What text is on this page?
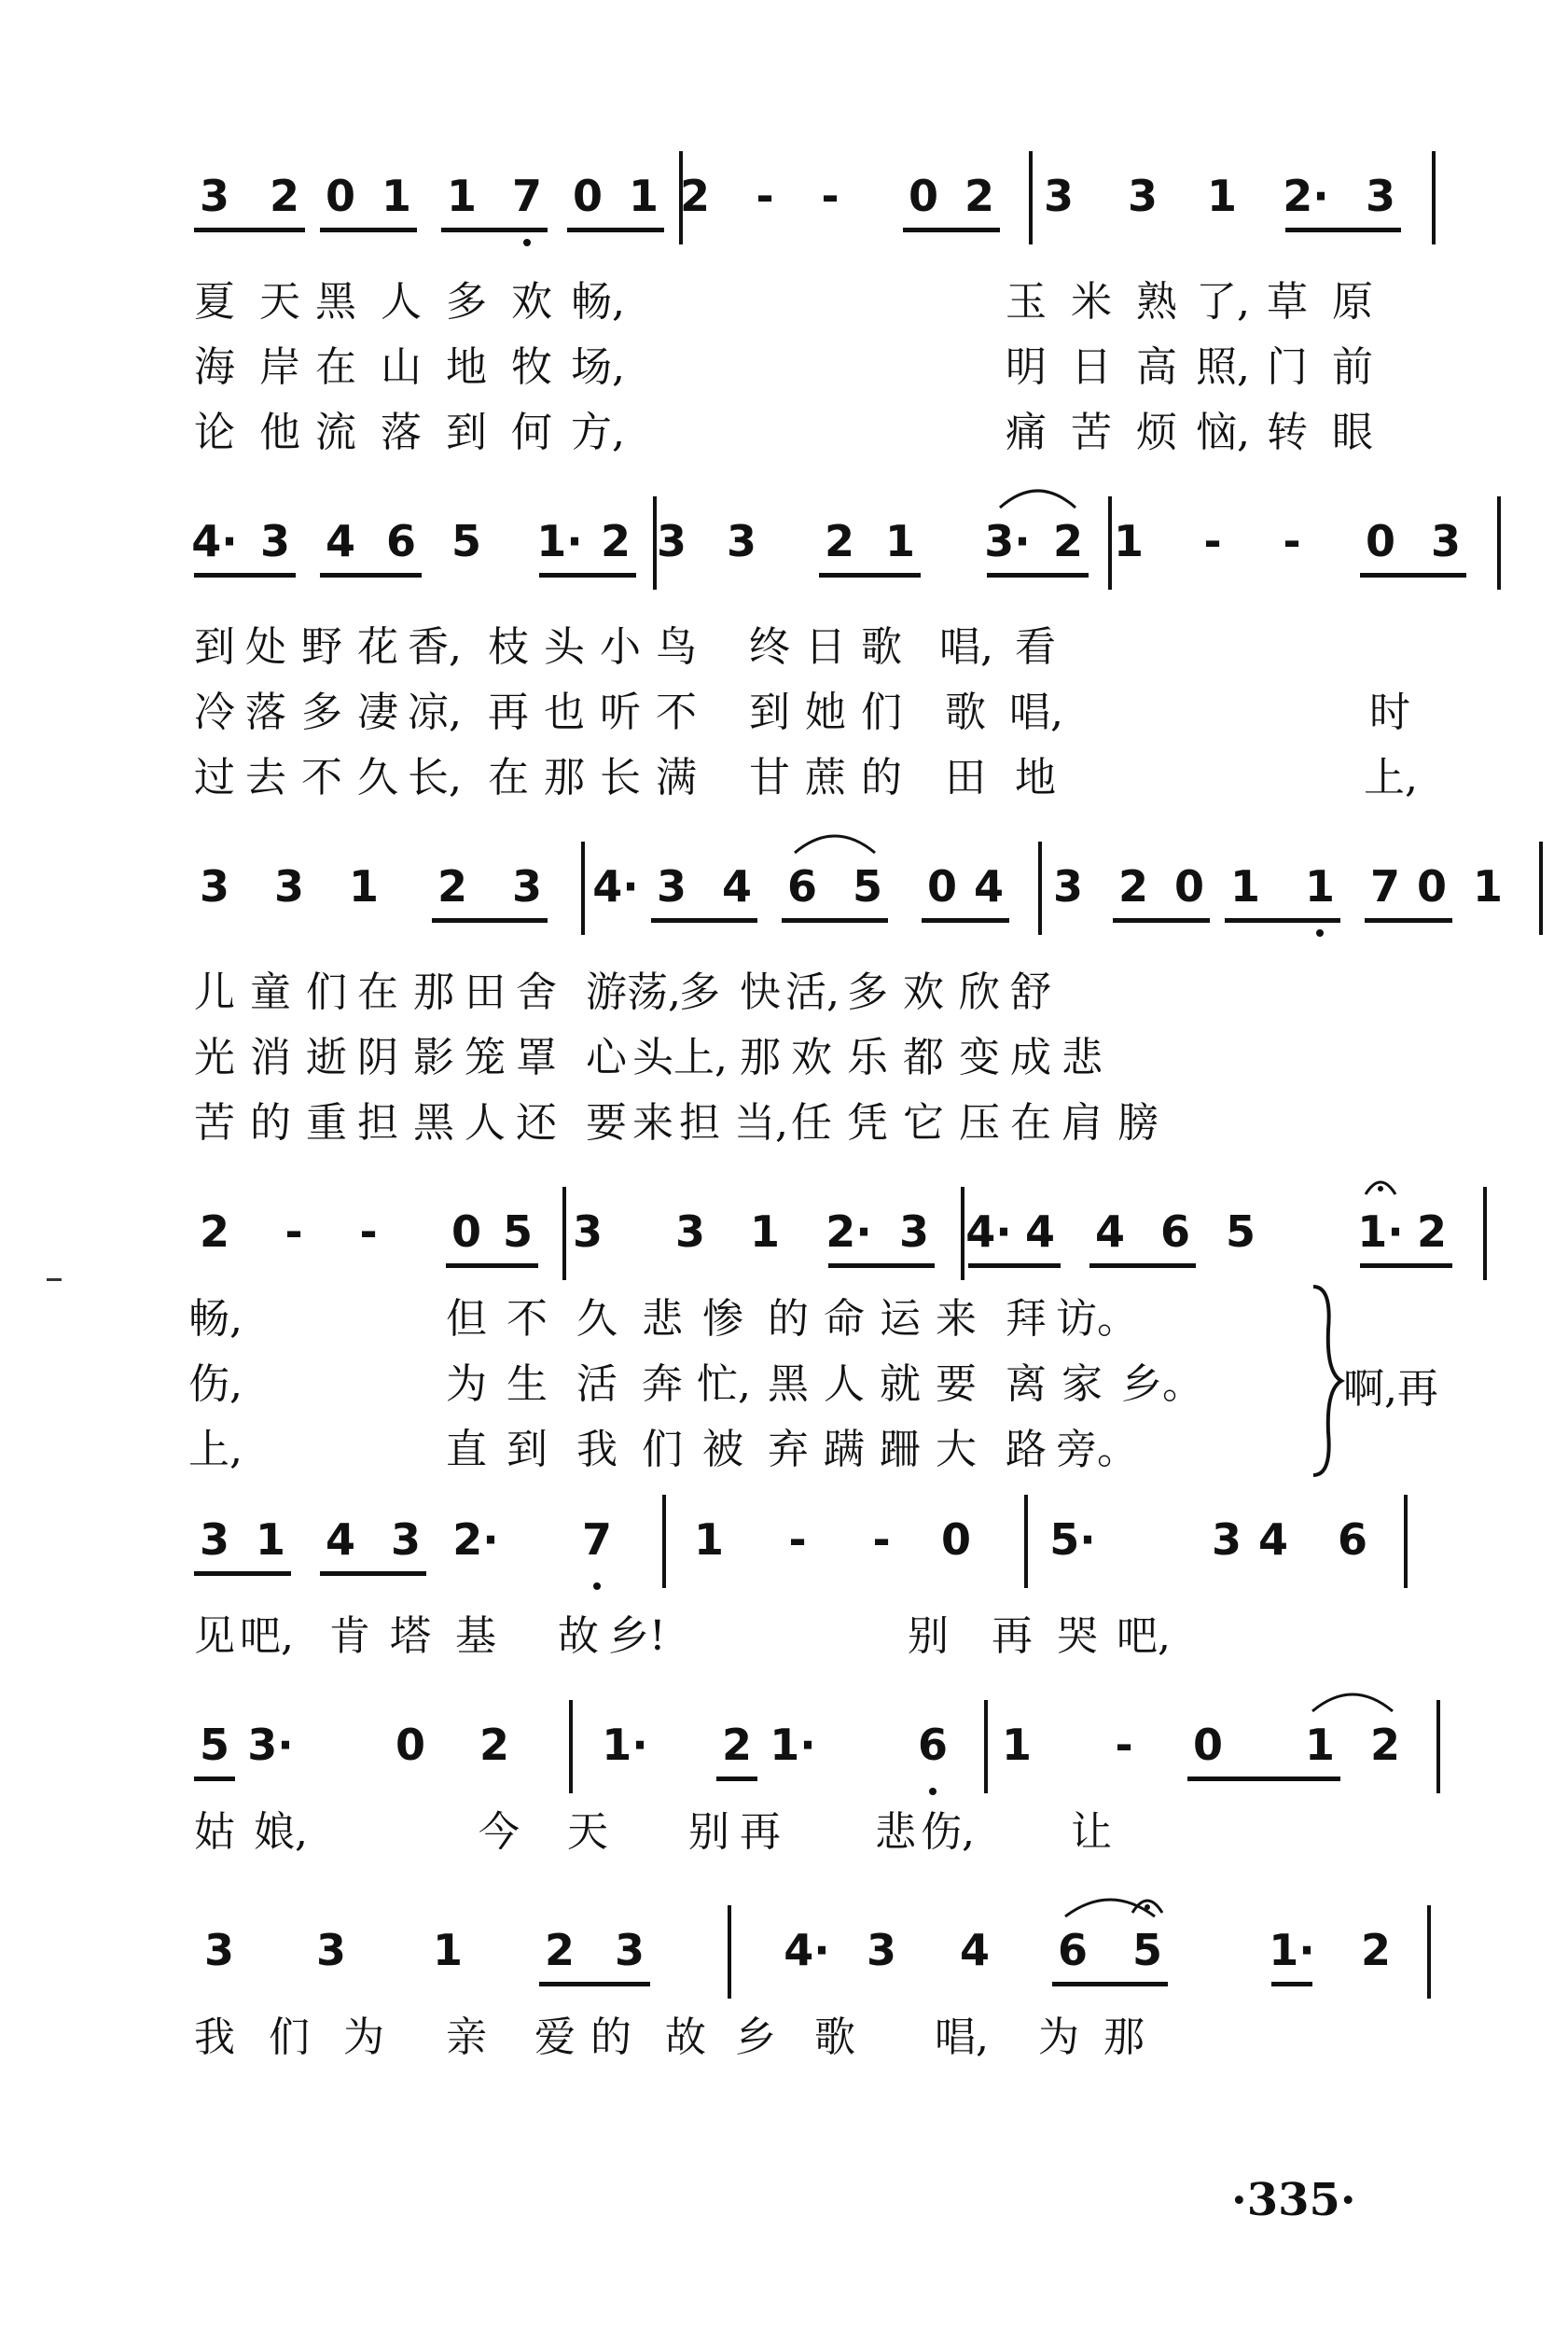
3 2 0 1 1 7 0 1 2	-	-	0 2 3 3 1 2· 3
夏 天 黑 人 多 欢 畅,	玉 米 熟 了, 草 原
海 岸 在 山 地 牧 场,	明 日 高 照, 门 前
论 他 流 落 到 何 方,	痛 苦 烦 恼, 转 眼
4· 3 4 6 5 1· 2 3 3 2 1 3· 2 1	-	-	0 3
到 处 野 花 香, 枝 头 小 鸟 终 日 歌 唱, 看
冷 落 多 凄 凉, 再 也 听 不 到 她 们 歌 唱,	时
过 去 不 久 长, 在 那 长 满 甘 蔗 的 田 地	上,
3 3 1 2 3 4· 3 4 6 5 0 4 3 2 0 1 1 7 0 1
儿 童 们 在 那 田 舍 游 荡,
多 快 活, 多 欢 欣 舒
光 消 逝 阴 影 笼 罩 心 头 上, 那 欢 乐 都 变 成 悲
苦 的 重 担 黑 人 还 要 来 担 当, 任 凭 它 压 在 肩 膀
2	-	-	0 5 3 3 1 2· 3 4· 4 4 6 5 1· 2
畅,	但 不 久 悲 惨 的 命 运 来 拜 访。
伤,	为 生 活 奔 忙, 黑 人 就 要 离 家 乡。
上,	直 到 我 们 被 弃 蹒 跚 大 路 旁。
3 1 4 3 2· 7 1	-	-	0 5·	3 4 6
见 吧, 肯 塔 基 故 乡!	别 再 哭 吧,
5 3· 0 2 1· 2 1· 6 1	-	0 1 2
姑 娘,	今 天 别 再 悲 伤, 让
3 3 1 2 3	4· 3 4 6 5 1· 2
我 们 为 亲 爱 的 故 乡 歌 唱, 为 那
·335·
啊,再
